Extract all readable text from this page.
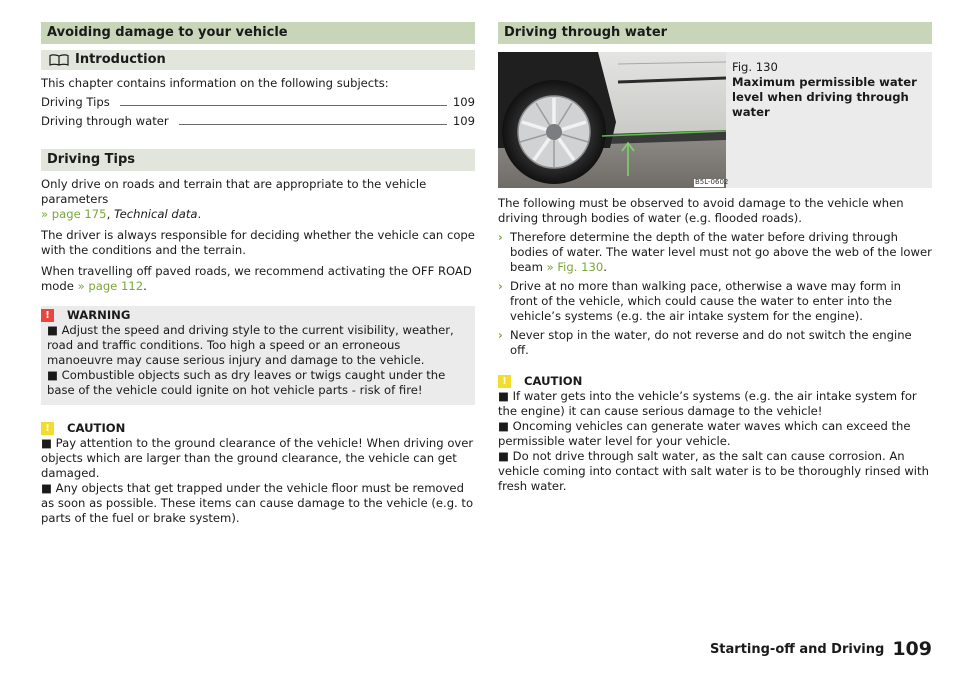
Avoiding damage to your vehicle
Introduction

This chapter contains information on the following subjects:

Driving Tips	109
Driving through water	109
Driving Tips

Only drive on roads and terrain that are appropriate to the vehicle parameters
» page 175, Technical data.

The driver is always responsible for deciding whether the vehicle can cope with the conditions and the terrain.

When travelling off paved roads, we recommend activating the OFF ROAD mode » page 112.

!	WARNING
■ Adjust the speed and driving style to the current visibility, weather, road and traffic conditions. Too high a speed or an erroneous manoeuvre may cause serious injury and damage to the vehicle.
■ Combustible objects such as dry leaves or twigs caught under the base of the vehicle could ignite on hot vehicle parts - risk of fire!
!	CAUTION
■ Pay attention to the ground clearance of the vehicle! When driving over objects which are larger than the ground clearance, the vehicle can get damaged.
■ Any objects that get trapped under the vehicle floor must be removed as soon as possible. These items can cause damage to the vehicle (e.g. to parts of the fuel or brake system).
Driving through water
B5L-0602
Fig. 130
Maximum permissible water level when driving through water

The following must be observed to avoid damage to the vehicle when driving through bodies of water (e.g. flooded roads).

› Therefore determine the depth of the water before driving through bodies of water. The water level must not go above the web of the lower beam » Fig. 130.
› Drive at no more than walking pace, otherwise a wave may form in front of the vehicle, which could cause the water to enter into the vehicle’s systems (e.g. the air intake system for the engine).
› Never stop in the water, do not reverse and do not switch the engine off.
!	CAUTION
■ If water gets into the vehicle’s systems (e.g. the air intake system for the engine) it can cause serious damage to the vehicle!
■ Oncoming vehicles can generate water waves which can exceed the permissible water level for your vehicle.
■ Do not drive through salt water, as the salt can cause corrosion. An vehicle coming into contact with salt water is to be thoroughly rinsed with fresh water.
Starting-off and Driving 109
